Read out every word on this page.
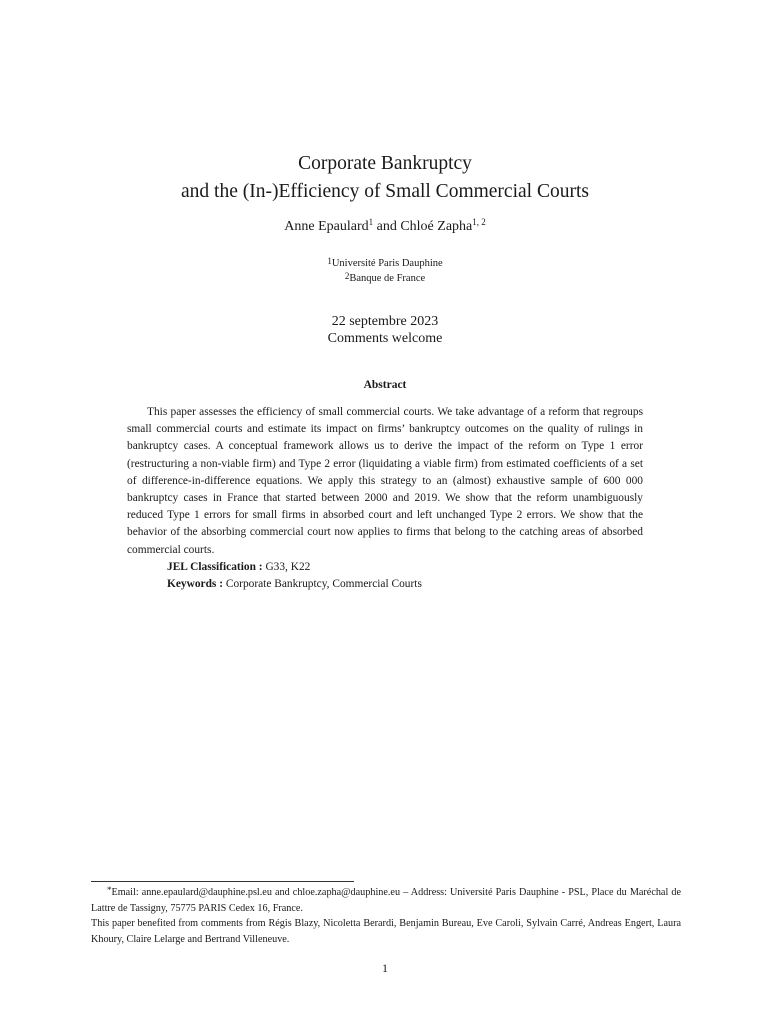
Corporate Bankruptcy
and the (In-)Efficiency of Small Commercial Courts
Anne Epaulard$^1$ and Chloé Zapha$^{1, 2}$
$^1$Université Paris Dauphine
$^2$Banque de France
22 septembre 2023
Comments welcome
Abstract

This paper assesses the efficiency of small commercial courts. We take advantage of a reform that regroups small commercial courts and estimate its impact on firms’ bankruptcy outcomes on the quality of rulings in bankruptcy cases. A conceptual framework allows us to derive the impact of the reform on Type 1 error (restructuring a non-viable firm) and Type 2 error (liquidating a viable firm) from estimated coefficients of a set of difference-in-difference equations. We apply this strategy to an (almost) exhaustive sample of 600 000 bankruptcy cases in France that started between 2000 and 2019. We show that the reform unambiguously reduced Type 1 errors for small firms in absorbed court and left unchanged Type 2 errors. We show that the behavior of the absorbing commercial court now applies to firms that belong to the catching areas of absorbed commercial courts.

JEL Classification : G33, K22

Keywords : Corporate Bankruptcy, Commercial Courts

*Email: anne.epaulard@dauphine.psl.eu and chloe.zapha@dauphine.eu – Address: Université Paris Dauphine - PSL, Place du Maréchal de Lattre de Tassigny, 75775 PARIS Cedex 16, France.

This paper benefited from comments from Régis Blazy, Nicoletta Berardi, Benjamin Bureau, Eve Caroli, Sylvain Carré, Andreas Engert, Laura Khoury, Claire Lelarge and Bertrand Villeneuve.

1
